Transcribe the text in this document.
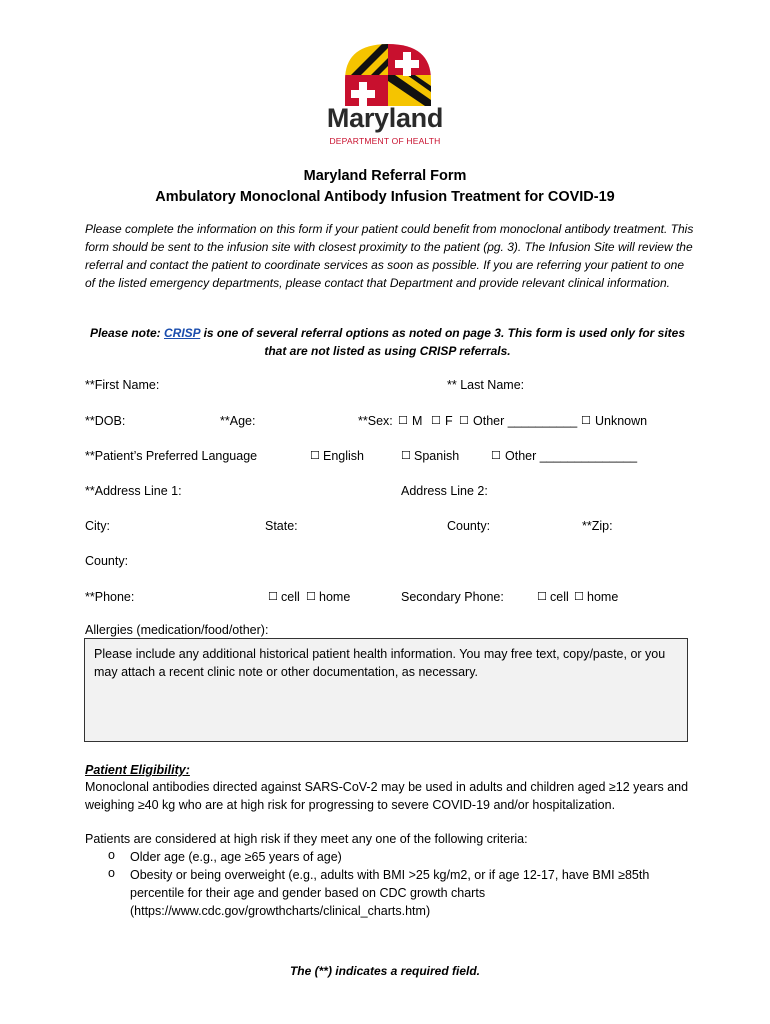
Maryland
DEPARTMENT OF HEALTH
Maryland Referral Form
Ambulatory Monoclonal Antibody Infusion Treatment for COVID-19
Please complete the information on this form if your patient could benefit from monoclonal antibody treatment. This form should be sent to the infusion site with closest proximity to the patient (pg. 3). The Infusion Site will review the referral and contact the patient to coordinate services as soon as possible. If you are referring your patient to one of the listed emergency departments, please contact that Department and provide relevant clinical information.
Please note: CRISP is one of several referral options as noted on page 3. This form is used only for sites that are not listed as using CRISP referrals.
**First Name:	** Last Name:
**DOB:	**Age:	**Sex: ☐ M ☐ F ☐ Other __________ ☐ Unknown
**Patient’s Preferred Language	☐ English	☐ Spanish	☐ Other ______________
**Address Line 1:	Address Line 2:
City:	State:	County:	**Zip:
County:
**Phone:	☐ cell ☐ home	Secondary Phone:	☐ cell ☐ home
Allergies (medication/food/other):
Please include any additional historical patient health information. You may free text, copy/paste, or you may attach a recent clinic note or other documentation, as necessary.
Patient Eligibility:
Monoclonal antibodies directed against SARS-CoV-2 may be used in adults and children aged ≥12 years and weighing ≥40 kg who are at high risk for progressing to severe COVID-19 and/or hospitalization.
Patients are considered at high risk if they meet any one of the following criteria:
o Older age (e.g., age ≥65 years of age)
o Obesity or being overweight (e.g., adults with BMI >25 kg/m2, or if age 12-17, have BMI ≥85th percentile for their age and gender based on CDC growth charts (https://www.cdc.gov/growthcharts/clinical_charts.htm)
The (**) indicates a required field.
